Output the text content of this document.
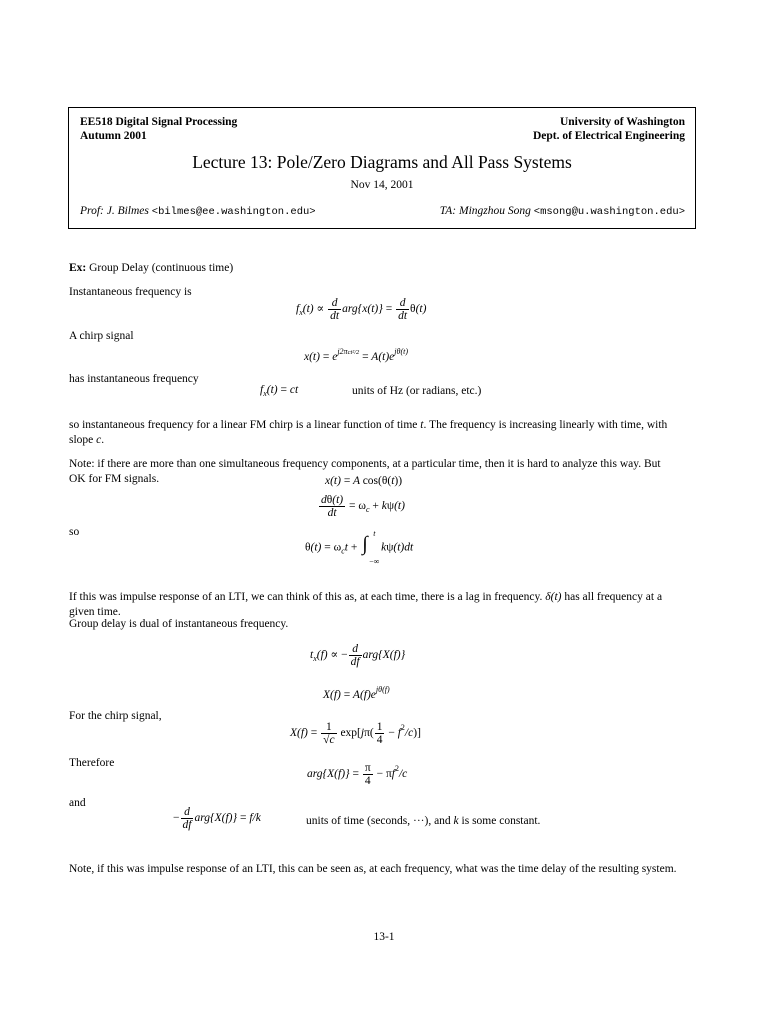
EE518 Digital Signal Processing
Autumn 2001
University of Washington
Dept. of Electrical Engineering
Lecture 13: Pole/Zero Diagrams and All Pass Systems
Nov 14, 2001
Prof: J. Bilmes <bilmes@ee.washington.edu>	TA: Mingzhou Song <msong@u.washington.edu>

Ex: Group Delay (continuous time)

Instantaneous frequency is

$f_x(t) \propto \frac{d}{dt} arg\{x(t)\} = \frac{d}{dt} \theta(t)$

A chirp signal

$x(t) = e^{j2\pi ct^2/2} = A(t)e^{j\theta(t)}$

has instantaneous frequency

$f_x(t)$ = ct	units of Hz (or radians, etc.)

so instantaneous frequency for a linear FM chirp is a linear function of time t. The frequency is increasing linearly with time, with slope c.

Note: if there are more than one simultaneous frequency components, at a particular time, then it is hard to analyze this way. But OK for FM signals.	x(t) = A cos(θ(t))
$\frac{d\theta(t)}{dt} = \omega_c + k\psi(t)$

so

$\theta(t) = \omega_ct$ + ∫ t
−∞
kψ(t)dt

If this was impulse response of an LTI, we can think of this as, at each time, there is a lag in frequency. δ(t) has all frequency at a given time.

Group delay is dual of instantaneous frequency.

$t_x(f)$ ∝ − $\frac{d}{df} arg\{X(f)\}$
$X(f) = A(f)e^{j\theta(f)}$

For the chirp signal,

$X(f) = \frac{1}{√c} \exp[j\pi( \frac{1}{4} - f^2/c)]$

Therefore

$arg\{X(f)\} = \frac{\pi}{4} - \pi f^2/c$

and

− $\frac{d}{df} arg\{X(f)\} = f/k$	units of time (seconds, ···), and k is some constant.

Note, if this was impulse response of an LTI, this can be seen as, at each frequency, what was the time delay of the resulting system.

13-1
